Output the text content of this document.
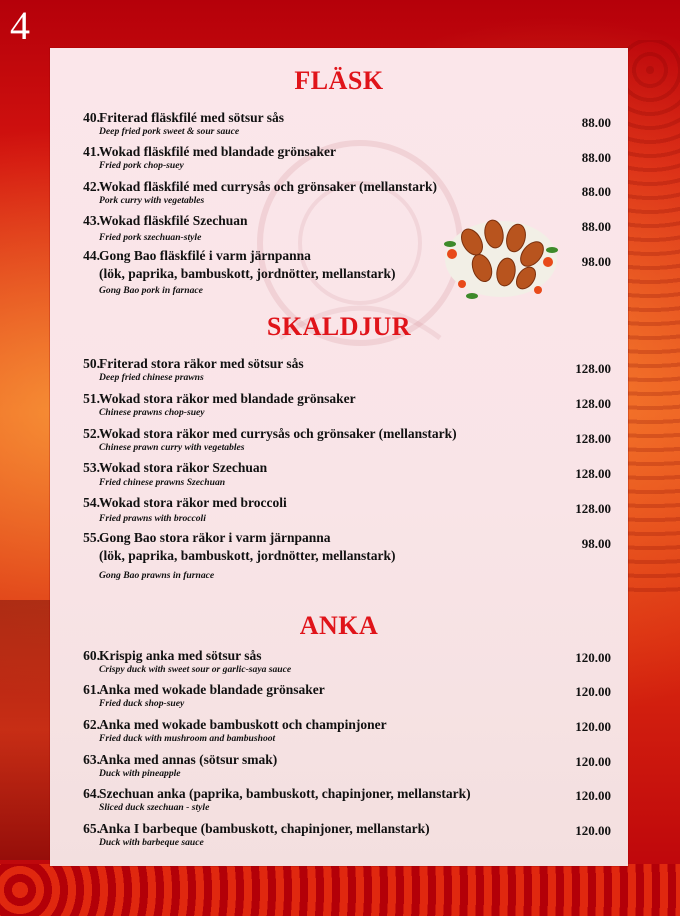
4
FLÄSK
40. Friterad fläskfilé med sötsur sås
Deep fried pork sweet & sour sauce
88.00
41. Wokad fläskfilé med blandade grönsaker
Fried pork chop-suey
88.00
42. Wokad fläskfilé med currysås och grönsaker (mellanstark)
Pork curry with vegetables
88.00
43. Wokad fläskfilé Szechuan
Fried pork szechuan-style
88.00
44. Gong Bao fläskfilé i varm järnpanna
(lök, paprika, bambuskott, jordnötter, mellanstark)
Gong Bao pork in farnace
98.00
SKALDJUR
50. Friterad stora räkor med sötsur sås
Deep fried chinese prawns
128.00
51. Wokad stora räkor med blandade grönsaker
Chinese prawns chop-suey
128.00
52. Wokad stora räkor med currysås och grönsaker (mellanstark)
Chinese prawn curry with vegetables
128.00
53. Wokad stora räkor Szechuan
Fried chinese prawns Szechuan
128.00
54. Wokad stora räkor med broccoli
Fried prawns with broccoli
128.00
55. Gong Bao stora räkor i varm järnpanna
(lök, paprika, bambuskott, jordnötter, mellanstark)
Gong Bao prawns in furnace
98.00
ANKA
60. Krispig anka med sötsur sås
Crispy duck with sweet sour or garlic-saya sauce
120.00
61. Anka med wokade blandade grönsaker
Fried duck shop-suey
120.00
62. Anka med wokade bambuskott och champinjoner
Fried duck with mushroom and bambushoot
120.00
63. Anka med annas (sötsur smak)
Duck with pineapple
120.00
64. Szechuan anka (paprika, bambuskott, chapinjoner, mellanstark)
Sliced duck szechuan - style
120.00
65. Anka I barbeque (bambuskott, chapinjoner, mellanstark)
Duck with barbeque sauce
120.00
